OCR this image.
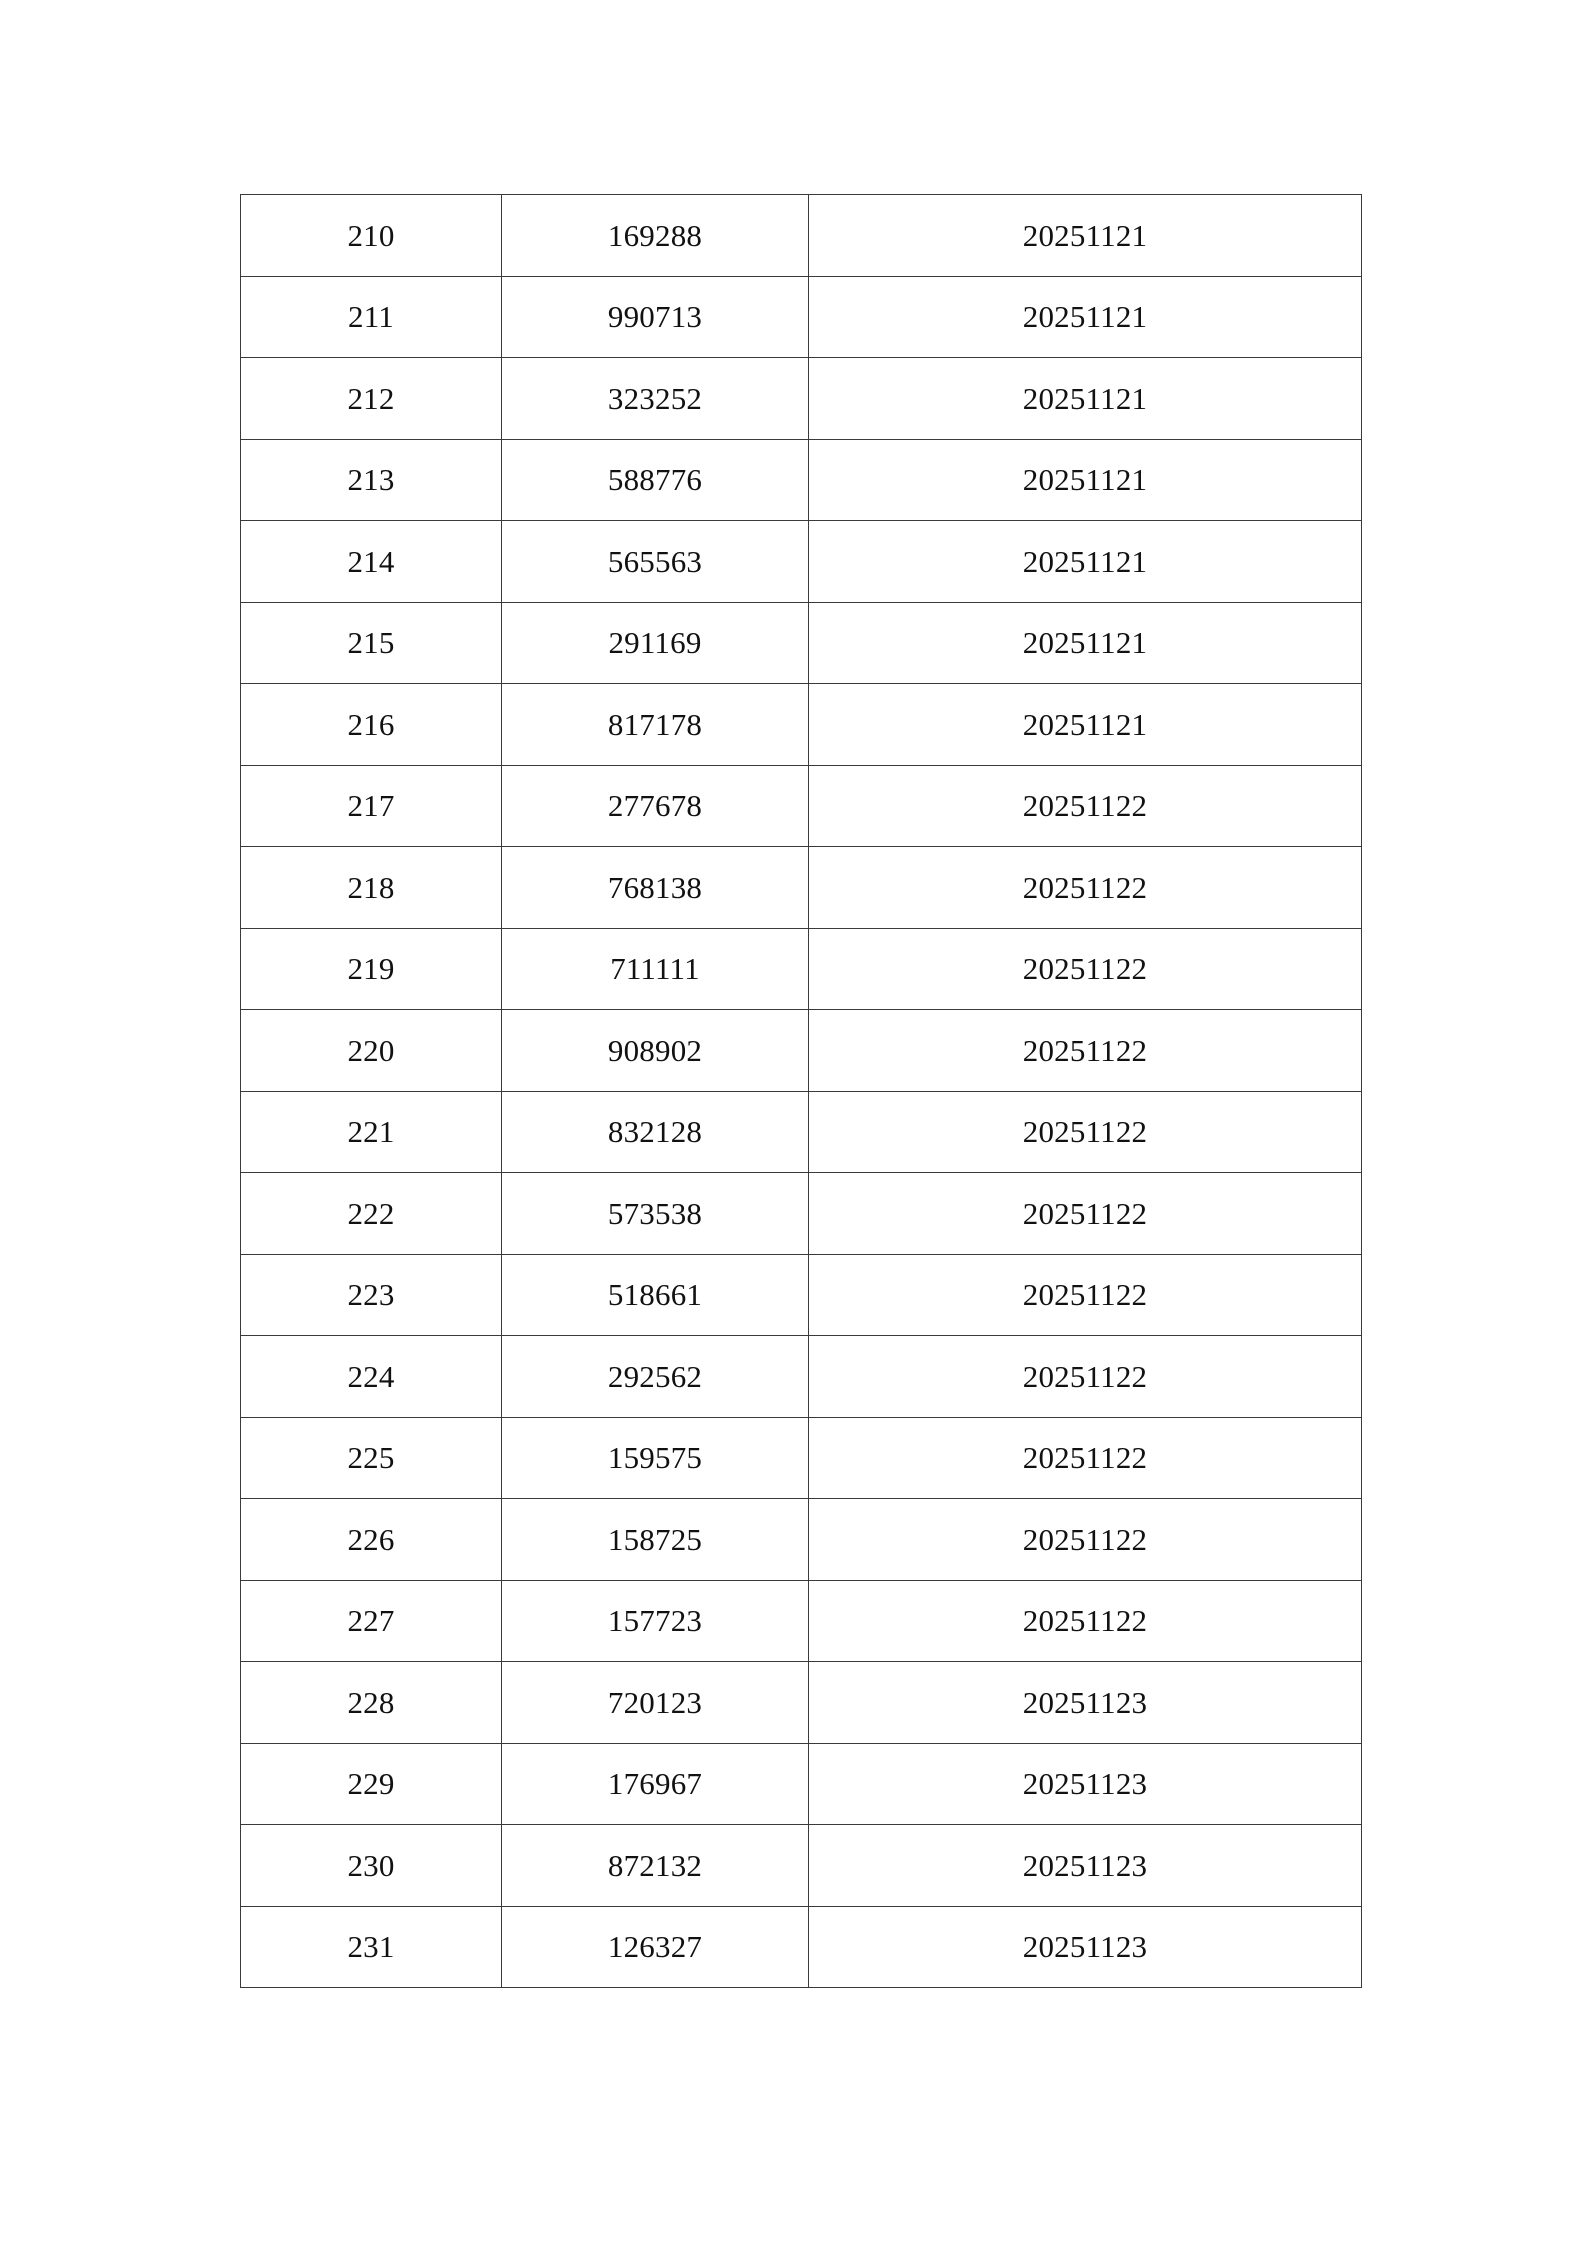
210	169288	20251121
211	990713	20251121
212	323252	20251121
213	588776	20251121
214	565563	20251121
215	291169	20251121
216	817178	20251121
217	277678	20251122
218	768138	20251122
219	711111	20251122
220	908902	20251122
221	832128	20251122
222	573538	20251122
223	518661	20251122
224	292562	20251122
225	159575	20251122
226	158725	20251122
227	157723	20251122
228	720123	20251123
229	176967	20251123
230	872132	20251123
231	126327	20251123
